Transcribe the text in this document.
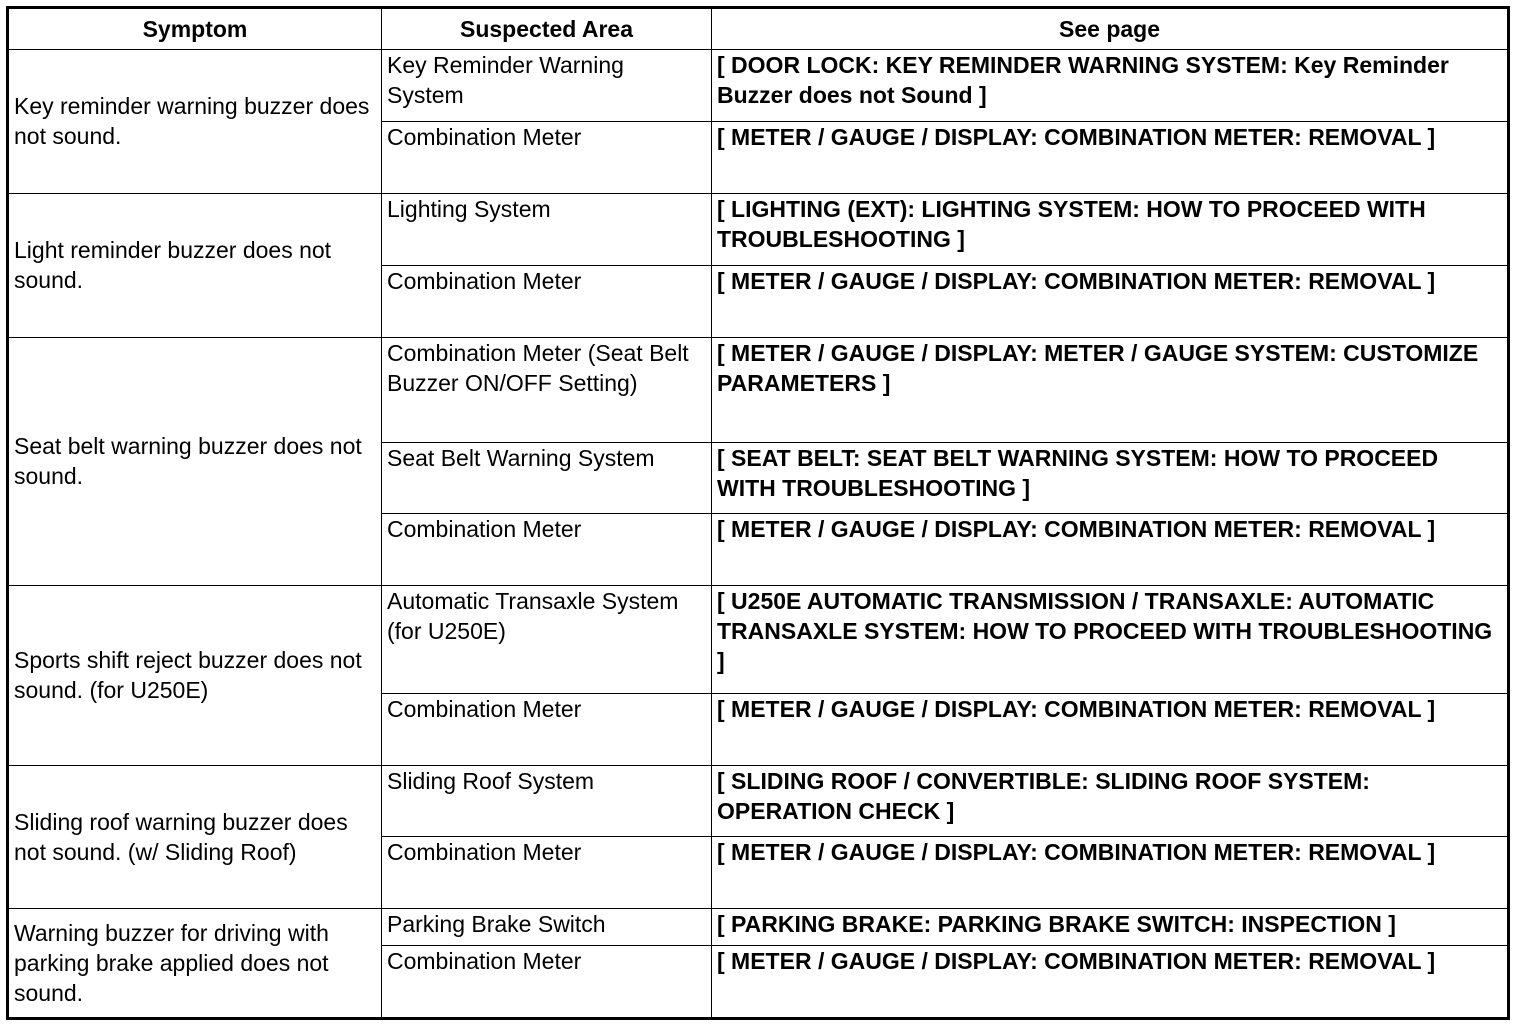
Symptom	Suspected Area	See page
Key reminder warning buzzer does not sound.	Key Reminder Warning System	[ DOOR LOCK: KEY REMINDER WARNING SYSTEM: Key Reminder Buzzer does not Sound ]
	Combination Meter	[ METER / GAUGE / DISPLAY: COMBINATION METER: REMOVAL ]
Light reminder buzzer does not sound.	Lighting System	[ LIGHTING (EXT): LIGHTING SYSTEM: HOW TO PROCEED WITH TROUBLESHOOTING ]
	Combination Meter	[ METER / GAUGE / DISPLAY: COMBINATION METER: REMOVAL ]
Seat belt warning buzzer does not sound.	Combination Meter (Seat Belt Buzzer ON/OFF Setting)	[ METER / GAUGE / DISPLAY: METER / GAUGE SYSTEM: CUSTOMIZE PARAMETERS ]
	Seat Belt Warning System	[ SEAT BELT: SEAT BELT WARNING SYSTEM: HOW TO PROCEED WITH TROUBLESHOOTING ]
	Combination Meter	[ METER / GAUGE / DISPLAY: COMBINATION METER: REMOVAL ]
Sports shift reject buzzer does not sound. (for U250E)	Automatic Transaxle System (for U250E)	[ U250E AUTOMATIC TRANSMISSION / TRANSAXLE: AUTOMATIC TRANSAXLE SYSTEM: HOW TO PROCEED WITH TROUBLESHOOTING ]
	Combination Meter	[ METER / GAUGE / DISPLAY: COMBINATION METER: REMOVAL ]
Sliding roof warning buzzer does not sound. (w/ Sliding Roof)	Sliding Roof System	[ SLIDING ROOF / CONVERTIBLE: SLIDING ROOF SYSTEM: OPERATION CHECK ]
	Combination Meter	[ METER / GAUGE / DISPLAY: COMBINATION METER: REMOVAL ]
Warning buzzer for driving with parking brake applied does not sound.	Parking Brake Switch	[ PARKING BRAKE: PARKING BRAKE SWITCH: INSPECTION ]
	Combination Meter	[ METER / GAUGE / DISPLAY: COMBINATION METER: REMOVAL ]
